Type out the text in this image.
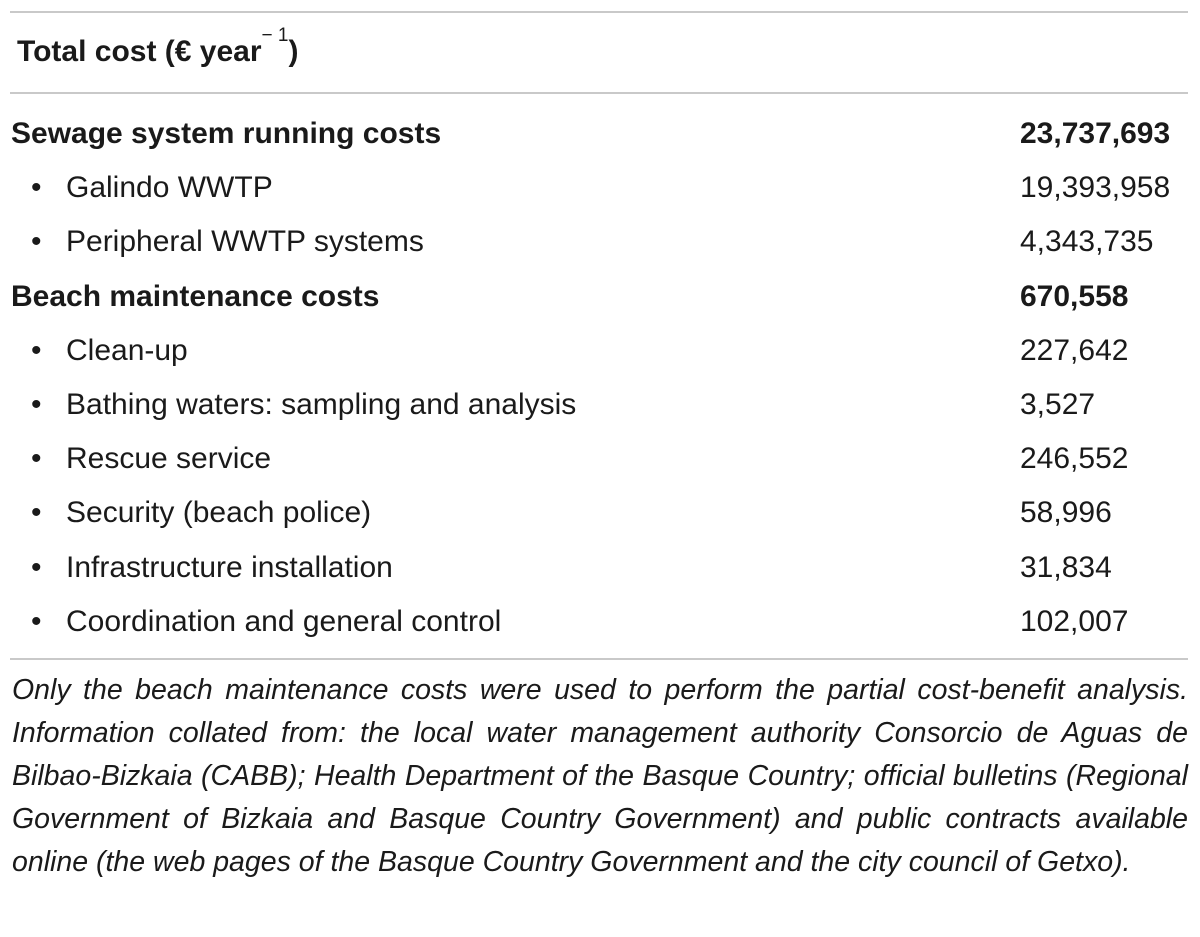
Total cost (€ year$^{- 1}$)
Sewage system running costs	23,737,693
• Galindo WWTP	19,393,958
• Peripheral WWTP systems	4,343,735
Beach maintenance costs	670,558
• Clean-up	227,642
• Bathing waters: sampling and analysis	3,527
• Rescue service	246,552
• Security (beach police)	58,996
• Infrastructure installation	31,834
• Coordination and general control	102,007
Only the beach maintenance costs were used to perform the partial cost-benefit analysis. Information collated from: the local water management authority Consorcio de Aguas de Bilbao-Bizkaia (CABB); Health Department of the Basque Country; official bulletins (Regional Government of Bizkaia and Basque Country Government) and public contracts available online (the web pages of the Basque Country Government and the city council of Getxo).
